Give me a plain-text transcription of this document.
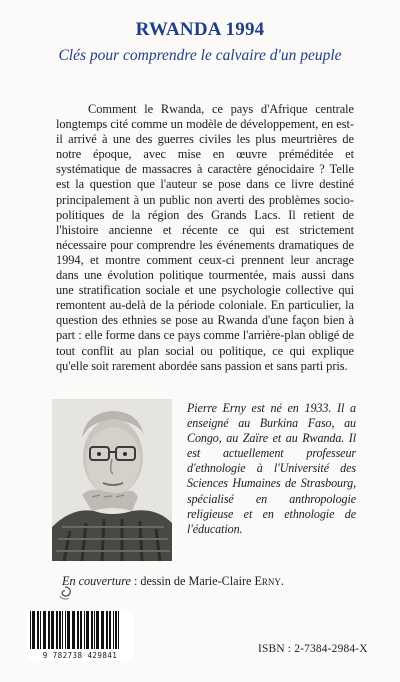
RWANDA 1994
Clés pour comprendre le calvaire d'un peuple

Comment le Rwanda, ce pays d'Afrique centrale longtemps cité comme un modèle de développement, en est-il arrivé à une des guerres civiles les plus meurtrières de notre époque, avec mise en œuvre préméditée et systématique de massacres à caractère génocidaire ? Telle est la question que l'auteur se pose dans ce livre destiné principalement à un public non averti des problèmes socio-politiques de la région des Grands Lacs. Il retient de l'histoire ancienne et récente ce qui est strictement nécessaire pour comprendre les événements dramatiques de 1994, et montre comment ceux-ci prennent leur ancrage dans une évolution politique tourmentée, mais aussi dans une stratification sociale et une psychologie collective qui remontent au-delà de la période coloniale. En particulier, la question des ethnies se pose au Rwanda d'une façon bien à part : elle forme dans ce pays comme l'arrière-plan obligé de tout conflit au plan social ou politique, ce qui explique qu'elle soit rarement abordée sans passion et sans parti pris.

Pierre Erny est né en 1933. Il a enseigné au Burkina Faso, au Congo, au Zaïre et au Rwanda. Il est actuellement professeur d'ethnologie à l'Université des Sciences Humaines de Strasbourg, spécialisé en anthropologie religieuse et en ethnologie de l'éducation.

En couverture : dessin de Marie-Claire Erny.
9 782738 429841
ISBN : 2-7384-2984-X
